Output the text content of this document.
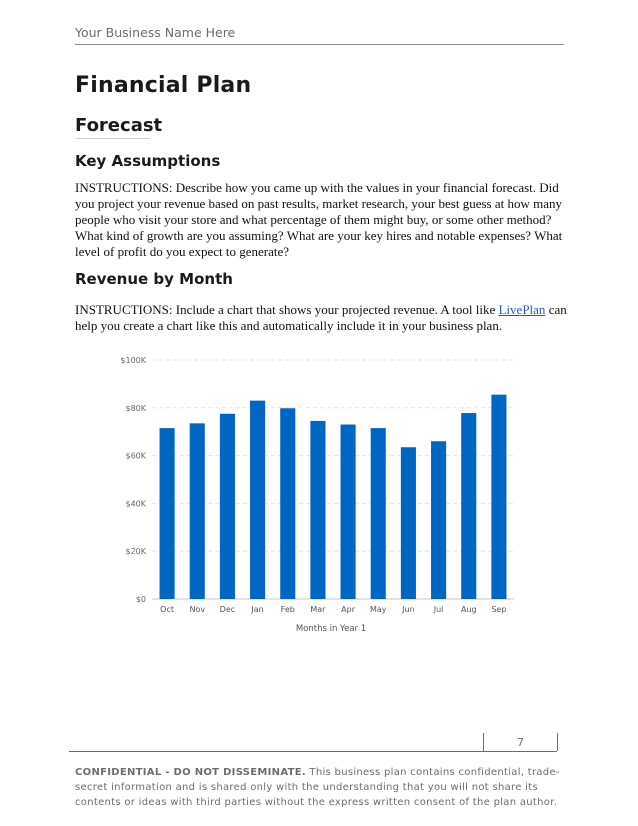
Your Business Name Here
Financial Plan
Forecast
Key Assumptions

INSTRUCTIONS: Describe how you came up with the values in your financial forecast. Did you project your revenue based on past results, market research, your best guess at how many people who visit your store and what percentage of them might buy, or some other method? What kind of growth are you assuming? What are your key hires and notable expenses? What level of profit do you expect to generate?

Revenue by Month

INSTRUCTIONS: Include a chart that shows your projected revenue. A tool like LivePlan can help you create a chart like this and automatically include it in your business plan.

$0
$20K
$40K
$60K
$80K
$100K
Oct Nov Dec Jan Feb Mar Apr May Jun Jul Aug Sep
Months in Year 1
7

CONFIDENTIAL - DO NOT DISSEMINATE. This business plan contains confidential, trade-secret information and is shared only with the understanding that you will not share its contents or ideas with third parties without the express written consent of the plan author.
